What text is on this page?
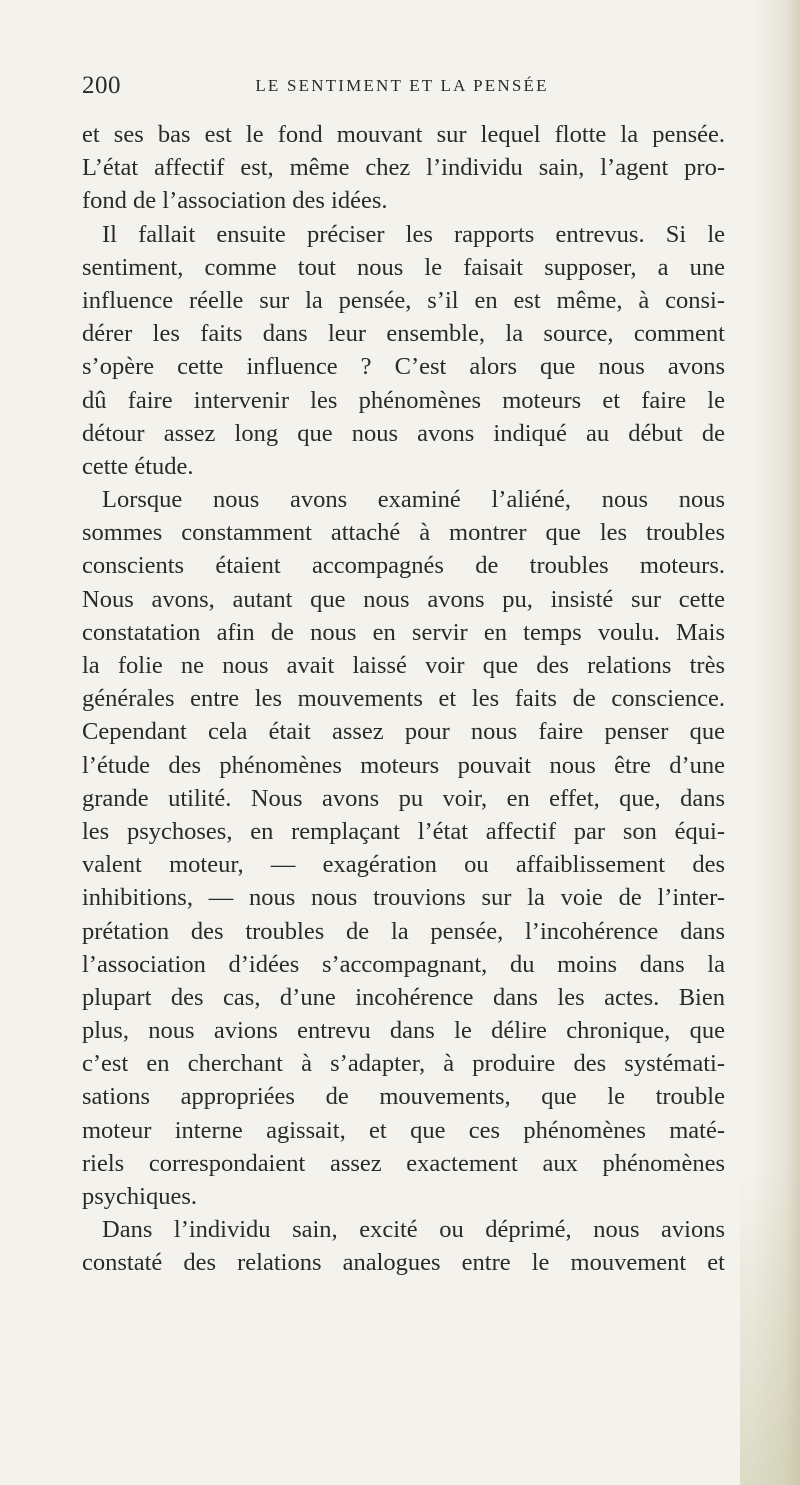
200	LE SENTIMENT ET LA PENSÉE
et ses bas est le fond mouvant sur lequel flotte la pensée.
L’état affectif est, même chez l’individu sain, l’agent pro-
fond de l’association des idées.
Il fallait ensuite préciser les rapports entrevus. Si le
sentiment, comme tout nous le faisait supposer, a une
influence réelle sur la pensée, s’il en est même, à consi-
dérer les faits dans leur ensemble, la source, comment
s’opère cette influence ? C’est alors que nous avons
dû faire intervenir les phénomènes moteurs et faire le
détour assez long que nous avons indiqué au début de
cette étude.
Lorsque nous avons examiné l’aliéné, nous nous
sommes constamment attaché à montrer que les troubles
conscients étaient accompagnés de troubles moteurs.
Nous avons, autant que nous avons pu, insisté sur cette
constatation afin de nous en servir en temps voulu. Mais
la folie ne nous avait laissé voir que des relations très
générales entre les mouvements et les faits de conscience.
Cependant cela était assez pour nous faire penser que
l’étude des phénomènes moteurs pouvait nous être d’une
grande utilité. Nous avons pu voir, en effet, que, dans
les psychoses, en remplaçant l’état affectif par son équi-
valent moteur, — exagération ou affaiblissement des
inhibitions, — nous nous trouvions sur la voie de l’inter-
prétation des troubles de la pensée, l’incohérence dans
l’association d’idées s’accompagnant, du moins dans la
plupart des cas, d’une incohérence dans les actes. Bien
plus, nous avions entrevu dans le délire chronique, que
c’est en cherchant à s’adapter, à produire des systémati-
sations appropriées de mouvements, que le trouble
moteur interne agissait, et que ces phénomènes maté-
riels correspondaient assez exactement aux phénomènes
psychiques.
Dans l’individu sain, excité ou déprimé, nous avions
constaté des relations analogues entre le mouvement et
